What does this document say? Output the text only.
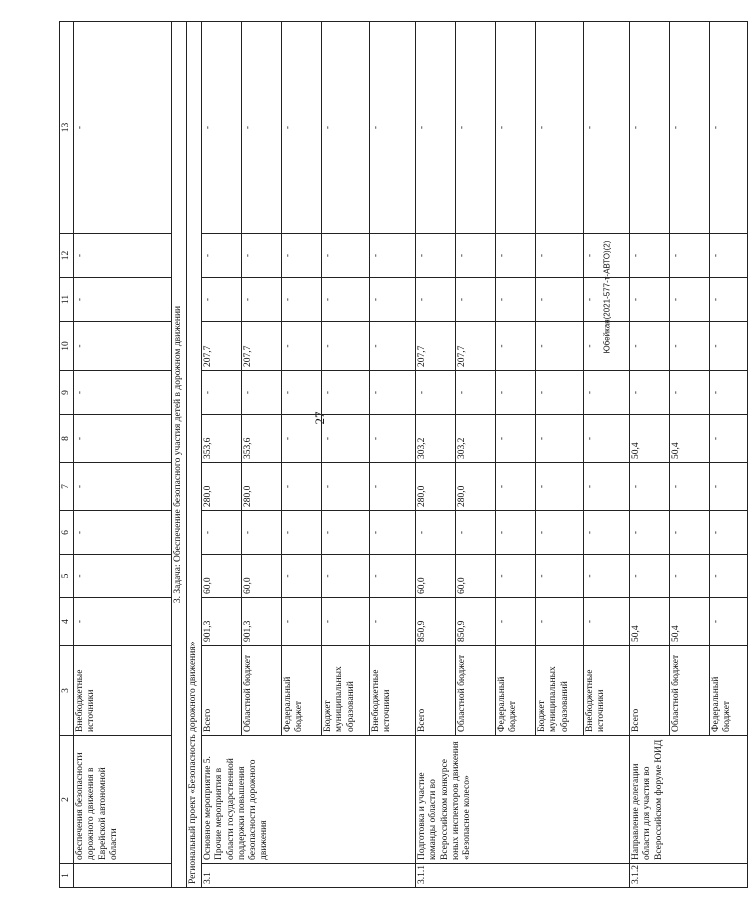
27
Юбейкан(2021-577-т-АВТО)(2)
1	2	3	4	5	6	7	8	9	10	11	12	13
	обеспечения безопасности дорожного движения в Еврейской автономной области	Внебюджетные источники	-	-	-	-	-	-	-	-	-	-
3. Задача: Обеспечение безопасного участия детей в дорожном движении												
Региональный проект «Безопасность дорожного движения»												
3.1	Основное мероприятие 5. Прочие мероприятия в области государственной поддержки повышения безопасности дорожного движения	Всего	901,3	60,0	-	280,0	353,6	-	207,7	-	-	-
		Областной бюджет	901,3	60,0	-	280,0	353,6	-	207,7	-	-	-
		Федеральный бюджет	-	-	-	-	-	-	-	-	-	-
		Бюджет муниципальных образований	-	-	-	-	-	-	-	-	-	-
		Внебюджетные источники	-	-	-	-	-	-	-	-	-	-
3.1.1	Подготовка и участие команды области во Всероссийском конкурсе юных инспекторов движения «Безопасное колесо»	Всего	850,9	60,0	-	280,0	303,2	-	207,7	-	-	-
		Областной бюджет	850,9	60,0	-	280,0	303,2	-	207,7	-	-	-
		Федеральный бюджет	-	-	-	-	-	-	-	-	-	-
		Бюджет муниципальных образований	-	-	-	-	-	-	-	-	-	-
		Внебюджетные источники	-	-	-	-	-	-	-	-	-	-
3.1.2	Направление делегации области для участия во Всероссийском форуме ЮИД	Всего	50,4	-	-	-	50,4	-	-	-	-	-
		Областной бюджет	50,4	-	-	-	50,4	-	-	-	-	-
		Федеральный бюджет	-	-	-	-	-	-	-	-	-	-
